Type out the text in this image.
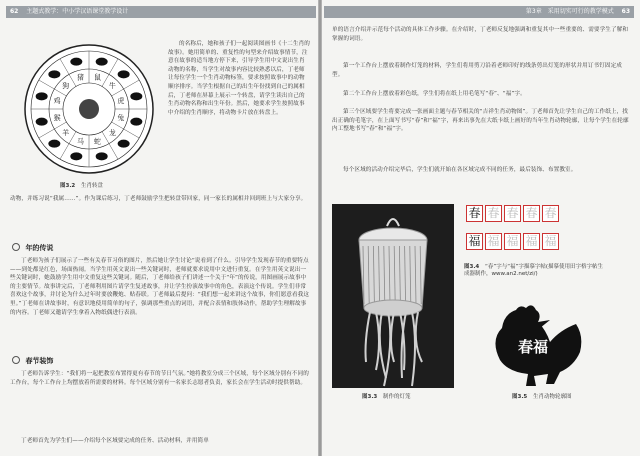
62 主题式教学：中小学汉语课堂教学设计
鼠
牛
虎
兔
龙
蛇
马
羊
猴
鸡
狗
猪

的名称后，她和孩子们一起阅读图画书《十二生肖的故事》。她用简单的、重复性的句型来介绍故事情节，注意在故事的适当地方停下来，引导学生用中文说出生肖动物的名称，当学生对故事内容比较熟悉以后，丁老师让每位学生一个生肖动物标签，要求按照故事中的动物顺序排序。当学生根据自己的出生年份找到自己的属相后，丁老师在屏幕上展示一个转盘，请学生读出自己的生肖动物名称和出生年份。然后，她要求学生按照故事中介绍的生肖顺序，将动物卡片放在转盘上。

图3.2 生肖转盘

动物，并练习说“我属……”。作为课后练习，丁老师鼓励学生把转盘带回家，同一家长的属相并回到班上与大家分享。

年的传说

丁老师为孩子们展示了一些有关春节习俗的图片，然后她让学生讨论“说看到了什么。引导学生发现春节的重要特点——到处都是红色，场面热闹。当学生用英文说出一些关键词时，老师就要求说用中文进行重复。在学生用英文说出一些关键词时，她鼓励学生用中文重复这些关键词。随后，丁老师给孩子们讲述一个关于“年”的传说，用图画展示故事中的主要情节。故事讲完后，丁老师利用图片请学生复述故事，并让学生扮演故事中的角色，表演这个传说。学生们非常喜欢这个故事，并讨论为什么过年时要放鞭炮、贴春联。丁老师最后提问：“我们想一起来讲这个故事，你们愿意看我这里。”丁老师在讲故事时，有意识地使用简单的句子，强调那些重点的词语，并配合表情和肢体动作，帮助学生理解故事的内容。丁老师又邀请学生拿着入物纸偶进行表演。

春节装饰

丁老师告诉学生：“我们将一起把教室布置得更有春节的节日气氛。”她将教室分成三个区域，每个区域分别有不同的工作台，每个工作台上均摆放着所需要的材料。每个区域分别有一名家长志愿者负责，家长会在学生活动时提供帮助。

丁老师首先为学生们——介绍每个区域要完成的任务、活动材料，并用简单

第3章　采用切实可行的教学模式 63

单的语言介绍并示范每个活动的具体工作步骤。在介绍时，丁老师反复地强调和重复其中一些重要的、需要学生了解和掌握的词语。

第一个工作台上摆放着制作灯笼的材料，学生们将用剪刀沿着老师印好的线条剪出灯笼的形状并用订书钉固定成型。

第二个工作台上摆放着彩色纸，学生们将在纸上用毛笔写“春”、“福”字。

第三个区域要学生将要完成一张画面主题与春节相关的“吉祥生肖动物图”。丁老师首先让学生自己的工作纸上，找出正确的毛笔字，在上面写书写“春”和“福”字，再来出事先在大纸卡纸上画好的当年生肖动物轮廓，让每个学生在轮廓内工整地书写“春”和“福”字。

每个区域的活动介绍完毕后，学生们就开始在各区域完成不同的任务，最后装饰、布置教室。

图3.3 制作的灯笼
春 春 春 春 春
福 福 福 福 福
图3.4 “春”字与“福”字描摹字帖(描摹使用田字格字帖生成器制作，www.an2.net/zi/)
春福
图3.5 生肖动物轮廓图
